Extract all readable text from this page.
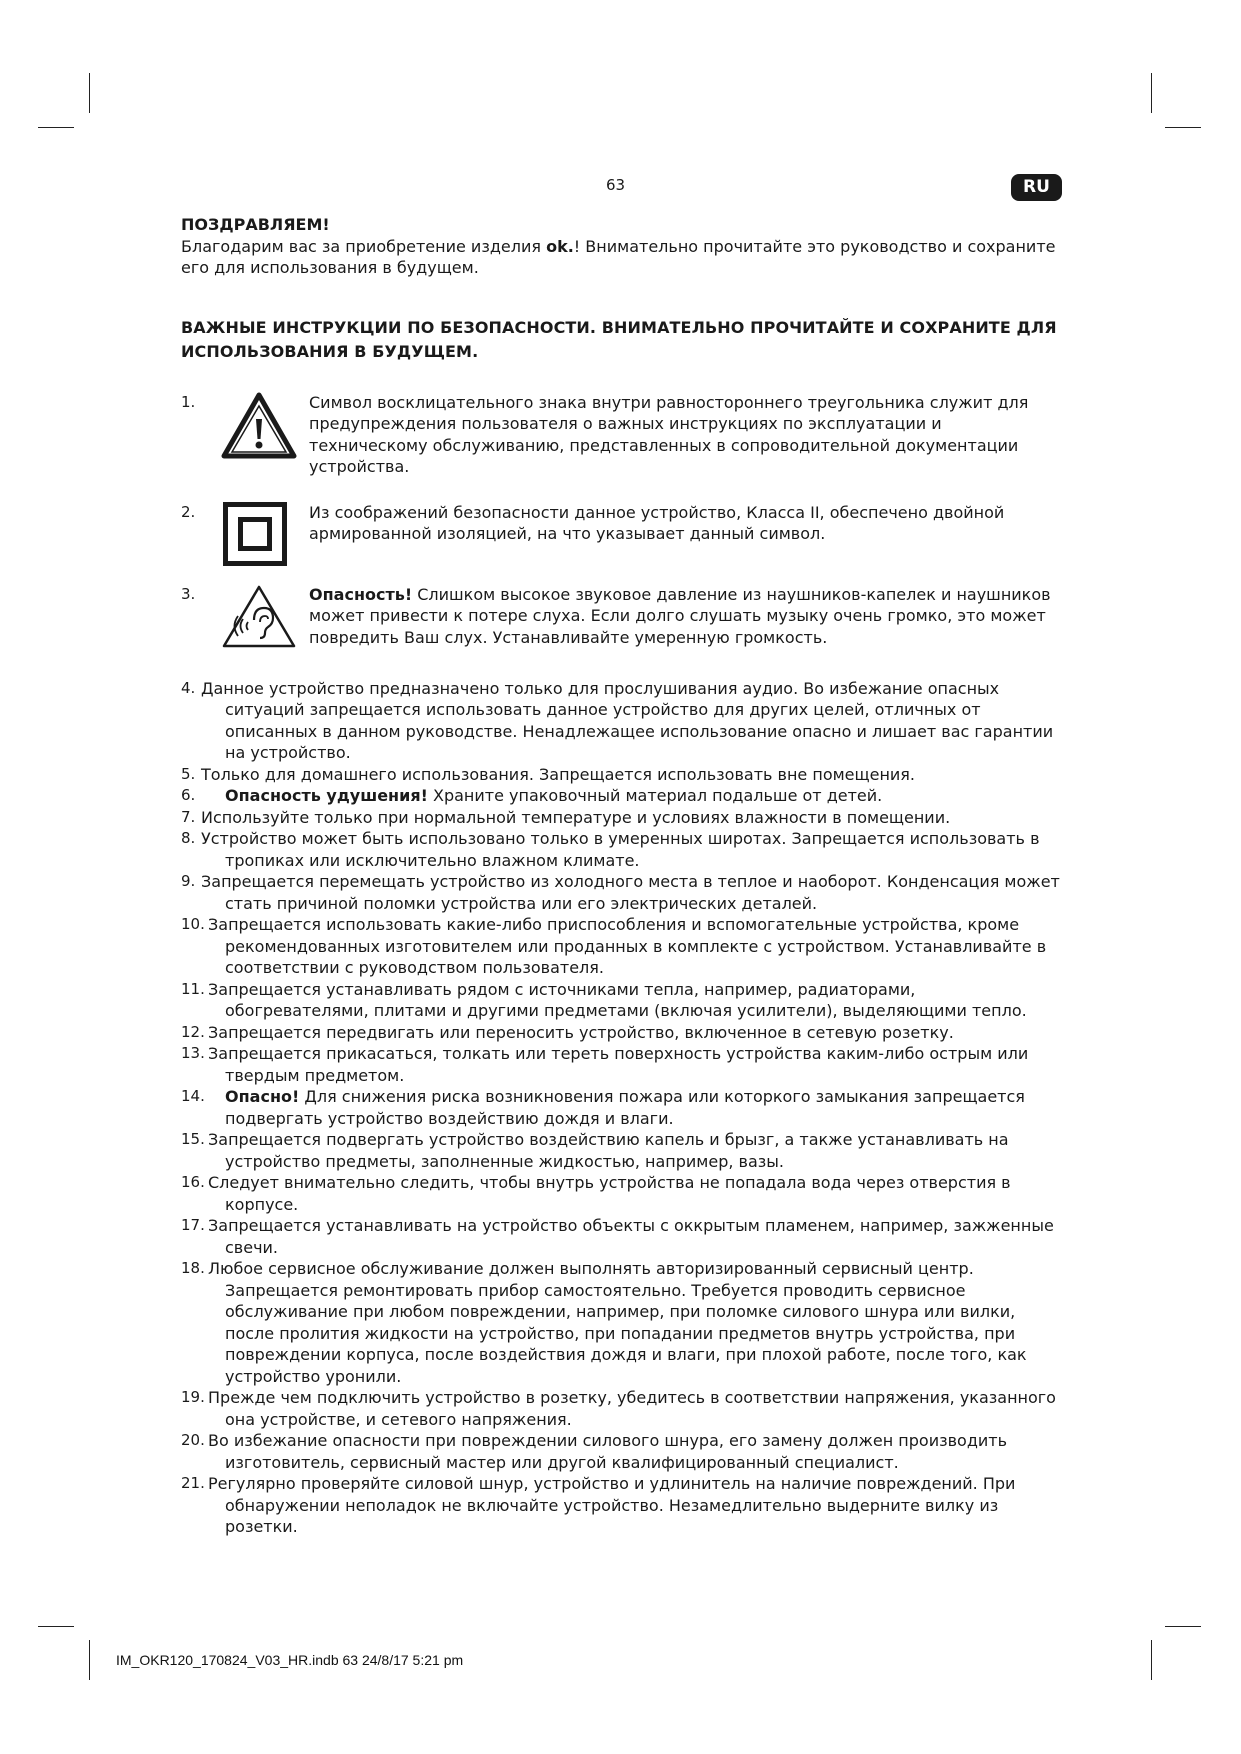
63	RU
ПОЗДРАВЛЯЕМ!

Благодарим вас за приобретение изделия ok.! Внимательно прочитайте это руководство и сохраните его для использования в будущем.

ВАЖНЫЕ ИНСТРУКЦИИ ПО БЕЗОПАСНОСТИ. ВНИМАТЕЛЬНО ПРОЧИТАЙТЕ И СОХРАНИТЕ ДЛЯ ИСПОЛЬЗОВАНИЯ В БУДУЩЕМ.
1.	Символ восклицательного знака внутри равностороннего треугольника служит для предупреждения пользователя о важных инструкциях по эксплуатации и техническому обслуживанию, представленных в сопроводительной документации устройства.
2.	Из соображений безопасности данное устройство, Класса II, обеспечено двойной армированной изоляцией, на что указывает данный символ.
3.	Опасность! Слишком высокое звуковое давление из наушников-капелек и наушников может привести к потере слуха. Если долго слушать музыку очень громко, это может повредить Ваш слух. Устанавливайте умеренную громкость.

4. Данное устройство предназначено только для прослушивания аудио. Во избежание опасных ситуаций запрещается использовать данное устройство для других целей, отличных от описанных в данном руководстве. Ненадлежащее использование опасно и лишает вас гарантии на устройство.

5. Только для домашнего использования. Запрещается использовать вне помещения.

6.	Опасность удушения! Храните упаковочный материал подальше от детей.

7. Используйте только при нормальной температуре и условиях влажности в помещении.

8. Устройство может быть использовано только в умеренных широтах. Запрещается использовать в тропиках или исключительно влажном климате.

9. Запрещается перемещать устройство из холодного места в теплое и наоборот. Конденсация может стать причиной поломки устройства или его электрических деталей.

10. Запрещается использовать какие-либо приспособления и вспомогательные устройства, кроме рекомендованных изготовителем или проданных в комплекте с устройством. Устанавливайте в соответствии с руководством пользователя.

11. Запрещается устанавливать рядом с источниками тепла, например, радиаторами, обогревателями, плитами и другими предметами (включая усилители), выделяющими тепло.

12. Запрещается передвигать или переносить устройство, включенное в сетевую розетку.

13. Запрещается прикасаться, толкать или тереть поверхность устройства каким-либо острым или твердым предметом.

14. Опасно! Для снижения риска возникновения пожара или которкого замыкания запрещается подвергать устройство воздействию дождя и влаги.

15. Запрещается подвергать устройство воздействию капель и брызг, а также устанавливать на устройство предметы, заполненные жидкостью, например, вазы.

16. Следует внимательно следить, чтобы внутрь устройства не попадала вода через отверстия в корпусе.

17. Запрещается устанавливать на устройство объекты с оккрытым пламенем, например, зажженные свечи.

18. Любое сервисное обслуживание должен выполнять авторизированный сервисный центр. Запрещается ремонтировать прибор самостоятельно. Требуется проводить сервисное обслуживание при любом повреждении, например, при поломке силового шнура или вилки, после пролития жидкости на устройство, при попадании предметов внутрь устройства, при повреждении корпуса, после воздействия дождя и влаги, при плохой работе, после того, как устройство уронили.

19. Прежде чем подключить устройство в розетку, убедитесь в соответствии напряжения, указанного она устройстве, и сетевого напряжения.

20. Во избежание опасности при повреждении силового шнура, его замену должен производить изготовитель, сервисный мастер или другой квалифицированный специалист.

21. Регулярно проверяйте силовой шнур, устройство и удлинитель на наличие повреждений. При обнаружении неполадок не включайте устройство. Незамедлительно выдерните вилку из розетки.

IM_OKR120_170824_V03_HR.indb 63 24/8/17 5:21 pm
